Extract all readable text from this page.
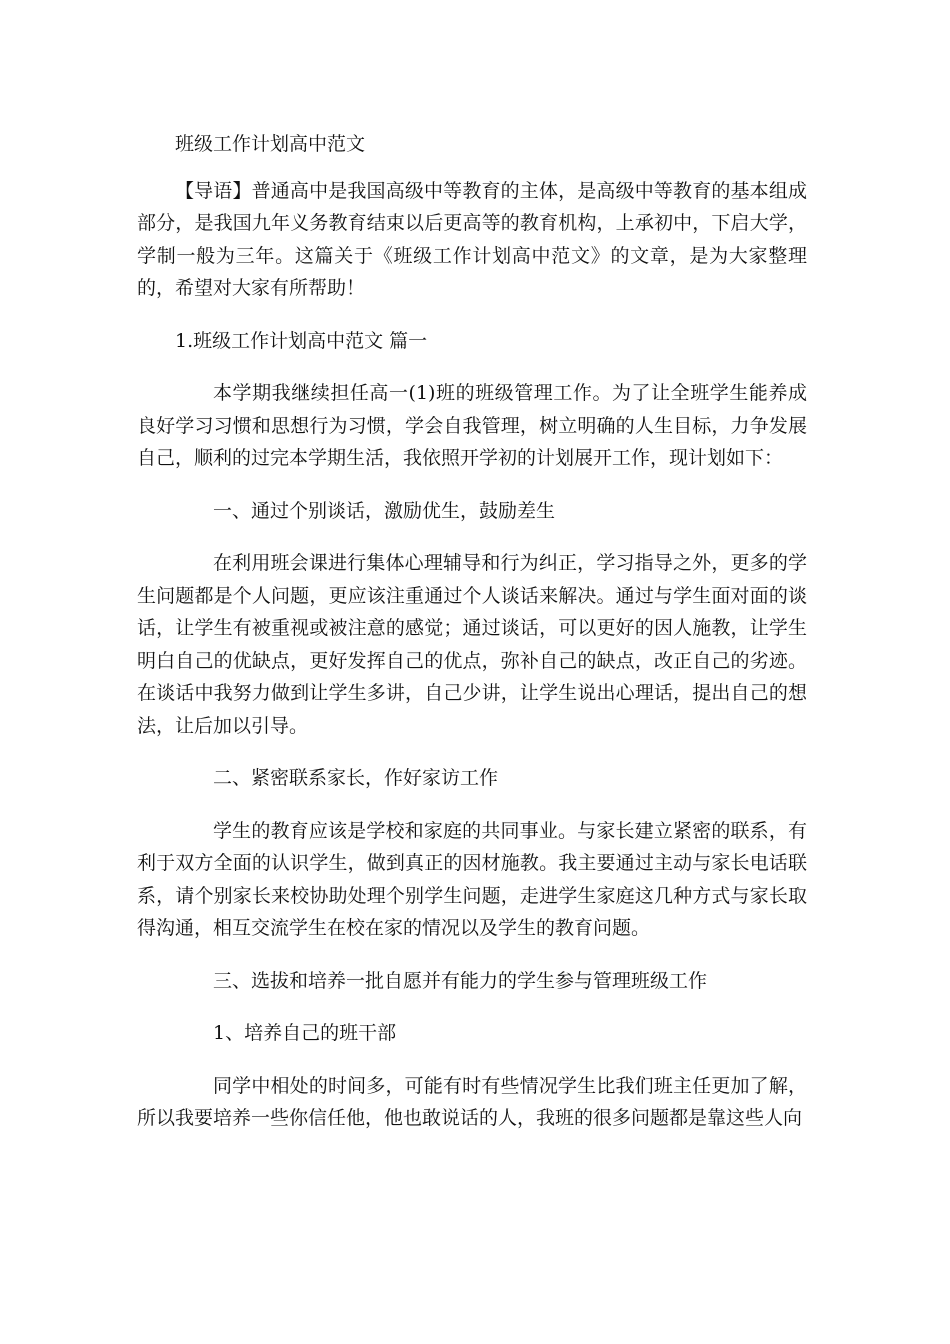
班级工作计划高中范文

【导语】普通高中是我国高级中等教育的主体，是高级中等教育的基本组成部分，是我国九年义务教育结束以后更高等的教育机构，上承初中，下启大学，学制一般为三年。这篇关于《班级工作计划高中范文》的文章，是为大家整理的，希望对大家有所帮助！

1.班级工作计划高中范文 篇一

本学期我继续担任高一(1)班的班级管理工作。为了让全班学生能养成良好学习习惯和思想行为习惯，学会自我管理，树立明确的人生目标，力争发展自己，顺利的过完本学期生活，我依照开学初的计划展开工作，现计划如下：

一、通过个别谈话，激励优生，鼓励差生

在利用班会课进行集体心理辅导和行为纠正，学习指导之外，更多的学生问题都是个人问题，更应该注重通过个人谈话来解决。通过与学生面对面的谈话，让学生有被重视或被注意的感觉；通过谈话，可以更好的因人施教，让学生明白自己的优缺点，更好发挥自己的优点，弥补自己的缺点，改正自己的劣迹。在谈话中我努力做到让学生多讲，自己少讲，让学生说出心理话，提出自己的想法，让后加以引导。

二、紧密联系家长，作好家访工作

学生的教育应该是学校和家庭的共同事业。与家长建立紧密的联系，有利于双方全面的认识学生，做到真正的因材施教。我主要通过主动与家长电话联系，请个别家长来校协助处理个别学生问题，走进学生家庭这几种方式与家长取得沟通，相互交流学生在校在家的情况以及学生的教育问题。

三、选拔和培养一批自愿并有能力的学生参与管理班级工作

1、培养自己的班干部

同学中相处的时间多，可能有时有些情况学生比我们班主任更加了解，所以我要培养一些你信任他，他也敢说话的人，我班的很多问题都是靠这些人向
